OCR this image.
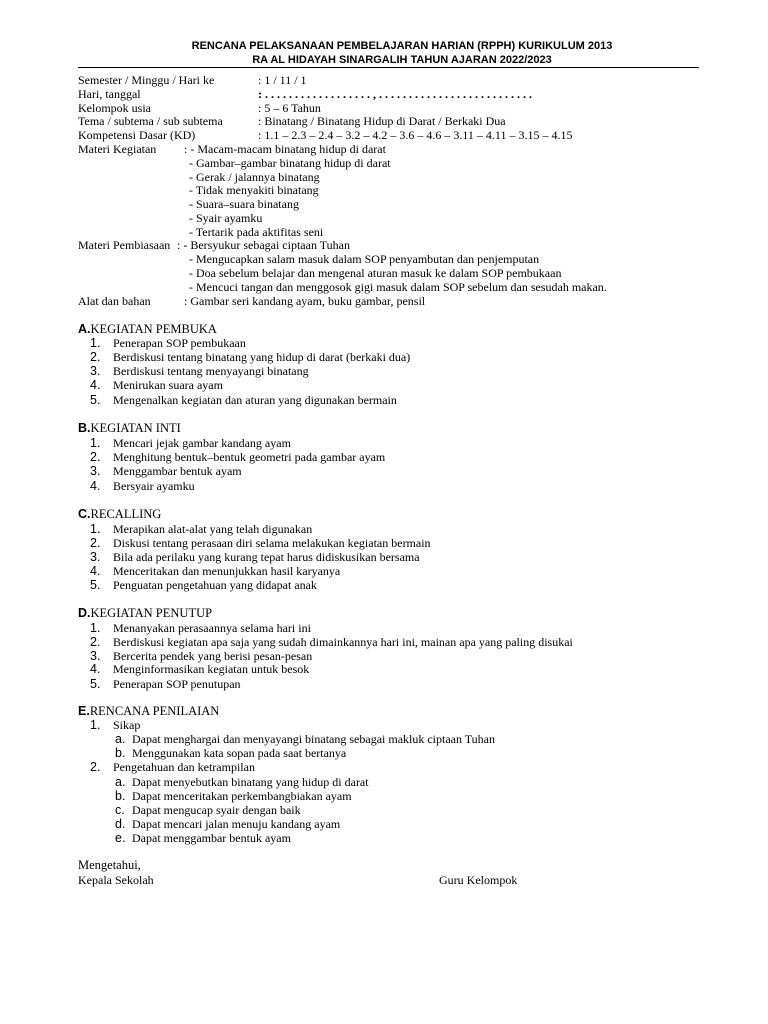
RENCANA PELAKSANAAN PEMBELAJARAN HARIAN (RPPH) KURIKULUM 2013
RA AL HIDAYAH SINARGALIH TAHUN AJARAN 2022/2023
Semester / Minggu / Hari ke	: 1 / 11 / 1
Hari, tanggal	: . . . . . . . . . . . . . . . . . . , . . . . . . . . . . . . . . . . . . . . . . . . . .
Kelompok usia	: 5 – 6 Tahun
Tema / subtema / sub subtema	: Binatang / Binatang Hidup di Darat / Berkaki Dua
Kompetensi Dasar (KD)	: 1.1 – 2.3 – 2.4 – 3.2 – 4.2 – 3.6 – 4.6 – 3.11 – 4.11 – 3.15 – 4.15
Materi Kegiatan : - Macam-macam binatang hidup di darat
- Gambar–gambar binatang hidup di darat
- Gerak / jalannya binatang
- Tidak menyakiti binatang
- Suara–suara binatang
- Syair ayamku
- Tertarik pada aktifitas seni
Materi Pembiasaan : - Bersyukur sebagai ciptaan Tuhan
- Mengucapkan salam masuk dalam SOP penyambutan dan penjemputan
- Doa sebelum belajar dan mengenal aturan masuk ke dalam SOP pembukaan
- Mencuci tangan dan menggosok gigi masuk dalam SOP sebelum dan sesudah makan.
Alat dan bahan	: Gambar seri kandang ayam, buku gambar, pensil
A.KEGIATAN PEMBUKA
1. Penerapan SOP pembukaan
2. Berdiskusi tentang binatang yang hidup di darat (berkaki dua)
3. Berdiskusi tentang menyayangi binatang
4. Menirukan suara ayam
5. Mengenalkan kegiatan dan aturan yang digunakan bermain
B.KEGIATAN INTI
1. Mencari jejak gambar kandang ayam
2. Menghitung bentuk–bentuk geometri pada gambar ayam
3. Menggambar bentuk ayam
4. Bersyair ayamku
C.RECALLING
1. Merapikan alat-alat yang telah digunakan
2. Diskusi tentang perasaan diri selama melakukan kegiatan bermain
3. Bila ada perilaku yang kurang tepat harus didiskusikan bersama
4. Menceritakan dan menunjukkan hasil karyanya
5. Penguatan pengetahuan yang didapat anak
D.KEGIATAN PENUTUP
1. Menanyakan perasaannya selama hari ini
2. Berdiskusi kegiatan apa saja yang sudah dimainkannya hari ini, mainan apa yang paling disukai
3. Bercerita pendek yang berisi pesan-pesan
4. Menginformasikan kegiatan untuk besok
5. Penerapan SOP penutupan
E.RENCANA PENILAIAN
1. Sikap
a. Dapat menghargai dan menyayangi binatang sebagai makluk ciptaan Tuhan
b. Menggunakan kata sopan pada saat bertanya
2. Pengetahuan dan ketrampilan
a. Dapat menyebutkan binatang yang hidup di darat
b. Dapat menceritakan perkembangbiakan ayam
c. Dapat mengucap syair dengan baik
d. Dapat mencari jalan menuju kandang ayam
e. Dapat menggambar bentuk ayam
Mengetahui,
Kepala Sekolah	Guru Kelompok
